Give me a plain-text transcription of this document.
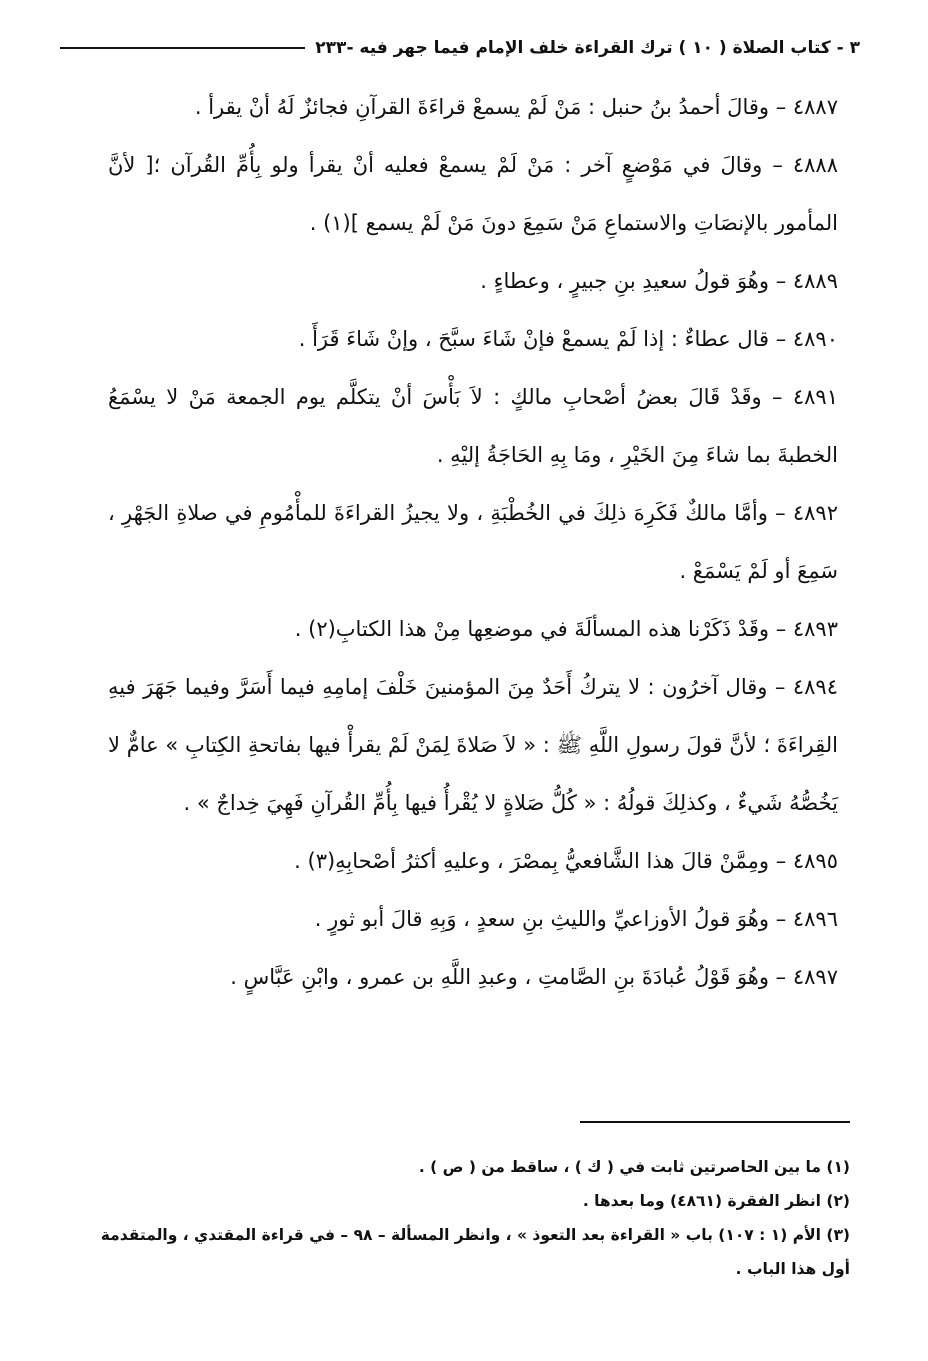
٣ - كتاب الصلاة ( ١٠ ) ترك القراءة خلف الإمام فيما جهر فيه -٢٣٣

٤٨٨٧ – وقالَ أحمدُ بنُ حنبل : مَنْ لَمْ يسمعْ قراءَةَ القرآنِ فجائزٌ لَهُ أنْ يقرأ .

٤٨٨٨ – وقالَ في مَوْضعٍ آخر : مَنْ لَمْ يسمعْ فعليه أنْ يقرأ ولو بِأُمِّ القُرآن ؛[ لأنَّ المأمور بالإنصَاتِ والاستماعِ مَنْ سَمِعَ دونَ مَنْ لَمْ يسمع ](١) .

٤٨٨٩ – وهُوَ قولُ سعيدِ بنِ جبيرٍ ، وعطاءٍ .

٤٨٩٠ – قال عطاءٌ : إذا لَمْ يسمعْ فإنْ شَاءَ سبَّحَ ، وإنْ شَاءَ قَرَأَ .

٤٨٩١ – وقَدْ قَالَ بعضُ أصْحابِ مالكٍ : لاَ بَأْسَ أنْ يتكلَّم يوم الجمعة مَنْ لا يسْمَعُ الخطبةَ بما شاءَ مِنَ الخَيْرِ ، ومَا بِهِ الحَاجَةُ إليْهِ .

٤٨٩٢ – وأمَّا مالكٌ فَكَرِهَ ذلِكَ في الخُطْبَةِ ، ولا يجيزُ القراءَةَ للمأْمُومِ في صلاةِ الجَهْرِ ، سَمِعَ أو لَمْ يَسْمَعْ .

٤٨٩٣ – وقَدْ ذَكَرْنا هذه المسألَةَ في موضعِها مِنْ هذا الكتابِ(٢) .

٤٨٩٤ – وقال آخرُون : لا يتركُ أَحَدٌ مِنَ المؤمنينَ خَلْفَ إمامِهِ فيما أَسَرَّ وفيما جَهَرَ فيهِ القِراءَةَ ؛ لأنَّ قولَ رسولِ اللَّهِ ﷺ : « لاَ صَلاةَ لِمَنْ لَمْ يقرأْ فيها بفاتحةِ الكِتابِ » عامٌّ لا يَخُصُّهُ شَيءٌ ، وكذلِكَ قولُهُ : « كُلُّ صَلاةٍ لا يُقْرأُ فيها بِأُمِّ القُرآنِ فَهِيَ خِداجٌ » .

٤٨٩٥ – ومِمَّنْ قالَ هذا الشَّافعيُّ بِمصْرَ ، وعليهِ أكثرُ أصْحابِهِ(٣) .

٤٨٩٦ – وهُوَ قولُ الأوزاعيِّ والليثِ بنِ سعدٍ ، وَبِهِ قالَ أبو ثورٍ .

٤٨٩٧ – وهُوَ قَوْلُ عُبادَةَ بنِ الصَّامتِ ، وعبدِ اللَّهِ بن عمرو ، وابْنِ عَبَّاسٍ .

(١) ما بين الحاصرتين ثابت في ( ك ) ، ساقط من ( ص ) .

(٢) انظر الفقرة (٤٨٦١) وما بعدها .

(٣) الأم (١ : ١٠٧) باب « القراءة بعد التعوذ » ، وانظر المسألة – ٩٨ – في قراءة المقتدي ، والمتقدمة أول هذا الباب .
